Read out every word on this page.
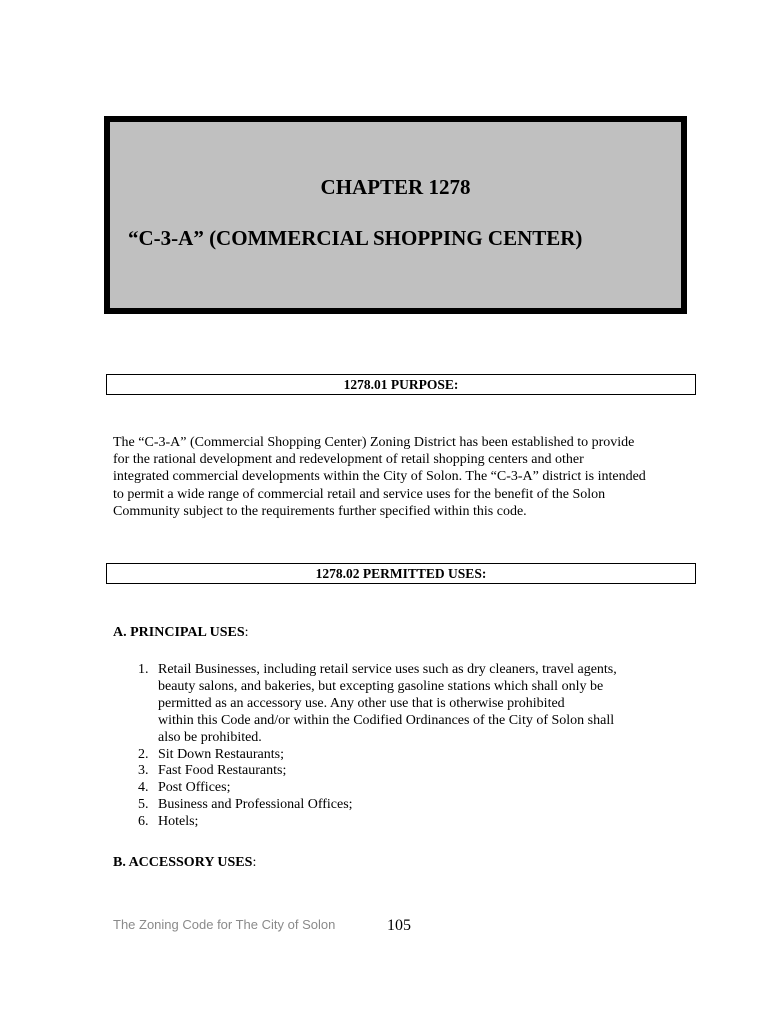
CHAPTER 1278
“C-3-A” (COMMERCIAL SHOPPING CENTER)
1278.01 PURPOSE:
The “C-3-A” (Commercial Shopping Center) Zoning District has been established to provide
for the rational development and redevelopment of retail shopping centers and other
integrated commercial developments within the City of Solon. The “C-3-A” district is intended
to permit a wide range of commercial retail and service uses for the benefit of the Solon
Community subject to the requirements further specified within this code.
1278.02 PERMITTED USES:
A. PRINCIPAL USES:
1. Retail Businesses, including retail service uses such as dry cleaners, travel agents,
beauty salons, and bakeries, but excepting gasoline stations which shall only be
permitted as an accessory use. Any other use that is otherwise prohibited
within this Code and/or within the Codified Ordinances of the City of Solon shall
also be prohibited.
2. Sit Down Restaurants;
3. Fast Food Restaurants;
4. Post Offices;
5. Business and Professional Offices;
6. Hotels;
B. ACCESSORY USES:
The Zoning Code for The City of Solon	105
